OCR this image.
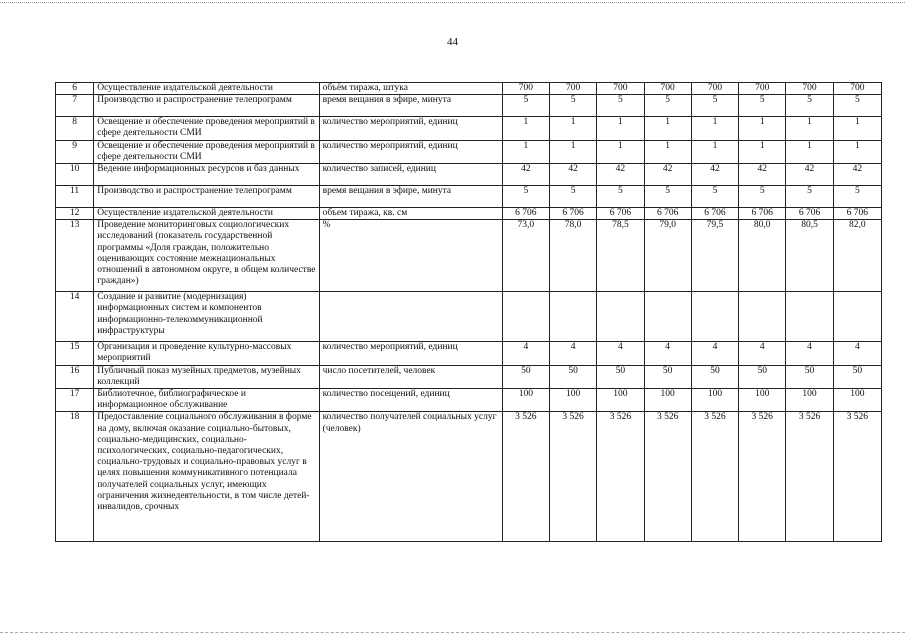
44
6	Осуществление издательской деятельности	объём тиража, штука	700	700	700	700	700	700	700	700
7	Производство и распространение телепрограмм	время вещания в эфире, минута	5	5	5	5	5	5	5	5
8	Освещение и обеспечение проведения мероприятий в сфере деятельности СМИ	количество мероприятий, единиц	1	1	1	1	1	1	1	1
9	Освещение и обеспечение проведения мероприятий в сфере деятельности СМИ	количество мероприятий, единиц	1	1	1	1	1	1	1	1
10	Ведение информационных ресурсов и баз данных	количество записей, единиц	42	42	42	42	42	42	42	42
11	Производство и распространение телепрограмм	время вещания в эфире, минута	5	5	5	5	5	5	5	5
12	Осуществление издательской деятельности	объем тиража, кв. см	6 706	6 706	6 706	6 706	6 706	6 706	6 706	6 706
13	Проведение мониторинговых социологических исследований (показатель государственной программы «Доля граждан, положительно оценивающих состояние межнациональных отношений в автономном округе, в общем количестве граждан»)	%	73,0	78,0	78,5	79,0	79,5	80,0	80,5	82,0
14	Создание и развитие (модернизация) информационных систем и компонентов информационно-телекоммуникационной инфраструктуры									
15	Организация и проведение культурно-массовых мероприятий	количество мероприятий, единиц	4	4	4	4	4	4	4	4
16	Публичный показ музейных предметов, музейных коллекций	число посетителей, человек	50	50	50	50	50	50	50	50
17	Библиотечное, библиографическое и информационное обслуживание	количество посещений, единиц	100	100	100	100	100	100	100	100
18	Предоставление социального обслуживания в форме на дому, включая оказание социально-бытовых, социально-медицинских, социально-психологических, социально-педагогических, социально-трудовых и социально-правовых услуг в целях повышения коммуникативного потенциала получателей социальных услуг, имеющих ограничения жизнедеятельности, в том числе детей-инвалидов, срочных	количество получателей социальных услуг (человек)	3 526	3 526	3 526	3 526	3 526	3 526	3 526	3 526
